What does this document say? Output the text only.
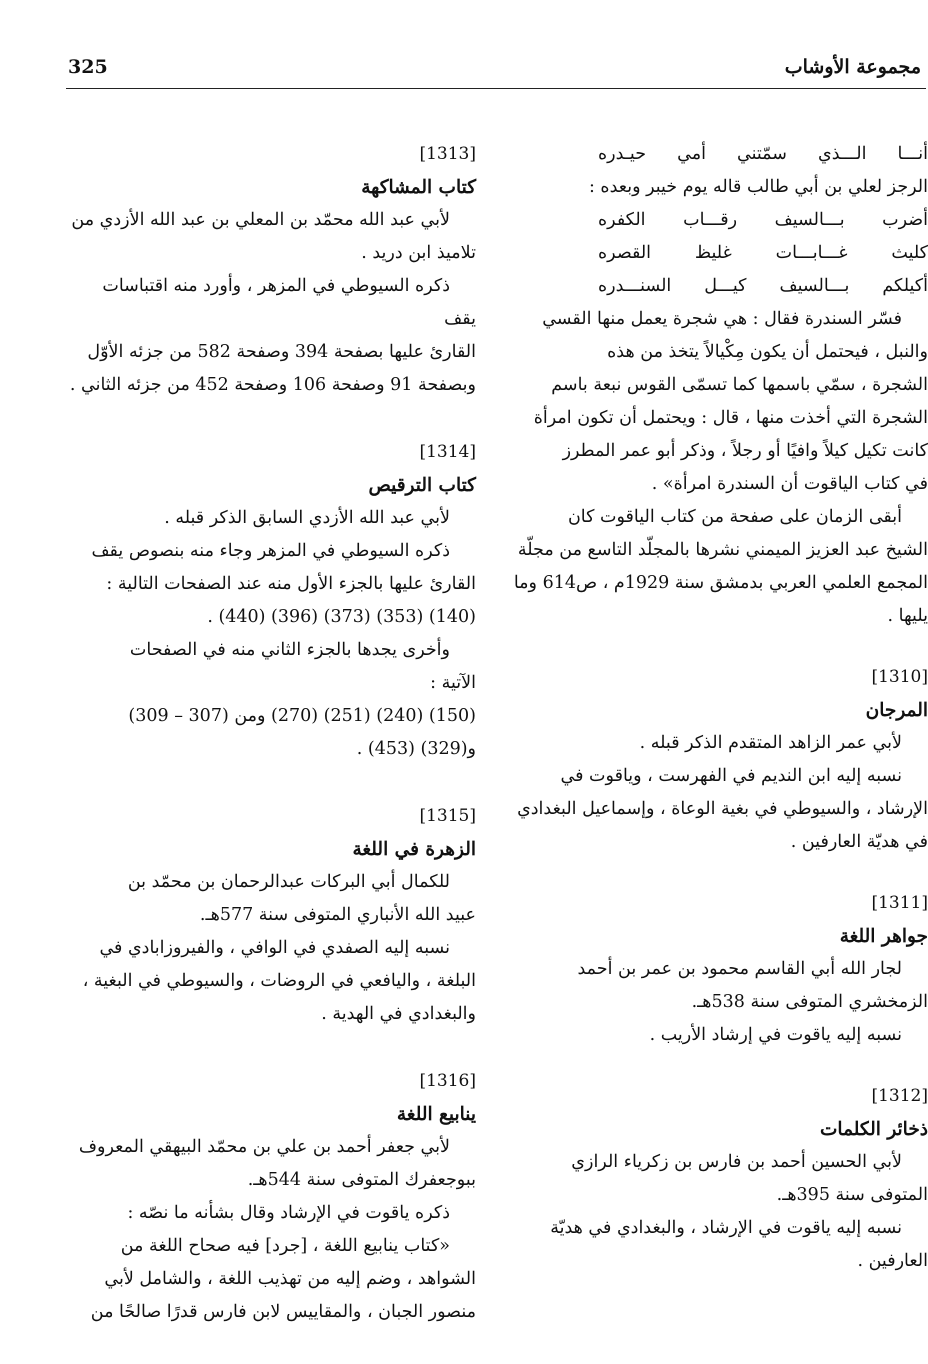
325	مجموعة الأوشاب

[1313]

كتاب المشاكهة

لأبي عبد الله محمّد بن المعلي بن عبد الله الأزدي من

تلاميذ ابن دريد .

ذكره السيوطي في المزهر ، وأورد منه اقتباسات يقف

القارئ عليها بصفحة 394 وصفحة 582 من جزئه الأوّل

وبصفحة 91 وصفحة 106 وصفحة 452 من جزئه الثاني .

[1314]

كتاب الترقيص

لأبي عبد الله الأزدي السابق الذكر قبله .

ذكره السيوطي في المزهر وجاء منه بنصوص يقف

القارئ عليها بالجزء الأول منه عند الصفحات التالية :

(140) (353) (373) (396) (440) .

وأخرى يجدها بالجزء الثاني منه في الصفحات

الآتية :

(150) (240) (251) (270) ومن (307 – 309)

و(329) (453) .

[1315]

الزهرة في اللغة

للكمال أبي البركات عبدالرحمان بن محمّد بن

عبيد الله الأنباري المتوفى سنة 577هـ.

نسبه إليه الصفدي في الوافي ، والفيروزابادي في

البلغة ، واليافعي في الروضات ، والسيوطي في البغية ،

والبغدادي في الهدية .

[1316]

ينابيع اللغة

لأبي جعفر أحمد بن علي بن محمّد البيهقي المعروف

ببوجعفرك المتوفى سنة 544هـ.

ذكره ياقوت في الإرشاد وقال بشأنه ما نصّه :

«كتاب ينابيع اللغة ، [جرد] فيه صحاح اللغة من

الشواهد ، وضم إليه من تهذيب اللغة ، والشامل لأبي

منصور الجبان ، والمقاييس لابن فارس قدرًا صالحًا من

أنـــا الـــذي سمّتني أمي حيـدره

الرجز لعلي بن أبي طالب قاله يوم خيبر وبعده :

أضرب بـــالسيف رقـــاب الكفره

كليث غـــابـــات غليظ القصره

أكيلكم بـــالسيف كيـــل السنـــدره

فسّر السندرة فقال : هي شجرة يعمل منها القسي

والنبل ، فيحتمل أن يكون مِكْيالاً يتخذ من هذه

الشجرة ، سمّي باسمها كما تسمّى القوس نبعة باسم

الشجرة التي أخذت منها ، قال : ويحتمل أن تكون امرأة

كانت تكيل كيلاً وافيًا أو رجلاً ، وذكر أبو عمر المطرز

في كتاب الياقوت أن السندرة امرأة» .

أبقى الزمان على صفحة من كتاب الياقوت كان

الشيخ عبد العزيز الميمني نشرها بالمجلّد التاسع من مجلّة

المجمع العلمي العربي بدمشق سنة 1929م ، ص614 وما

يليها .

[1310]

المرجان

لأبي عمر الزاهد المتقدم الذكر قبله .

نسبه إليه ابن النديم في الفهرست ، وياقوت في

الإرشاد ، والسيوطي في بغية الوعاة ، وإسماعيل البغدادي

في هديّة العارفين .

[1311]

جواهر اللغة

لجار الله أبي القاسم محمود بن عمر بن أحمد

الزمخشري المتوفى سنة 538هـ.

نسبه إليه ياقوت في إرشاد الأريب .

[1312]

ذخائر الكلمات

لأبي الحسين أحمد بن فارس بن زكرياء الرازي

المتوفى سنة 395هـ.

نسبه إليه ياقوت في الإرشاد ، والبغدادي في هديّة

العارفين .
